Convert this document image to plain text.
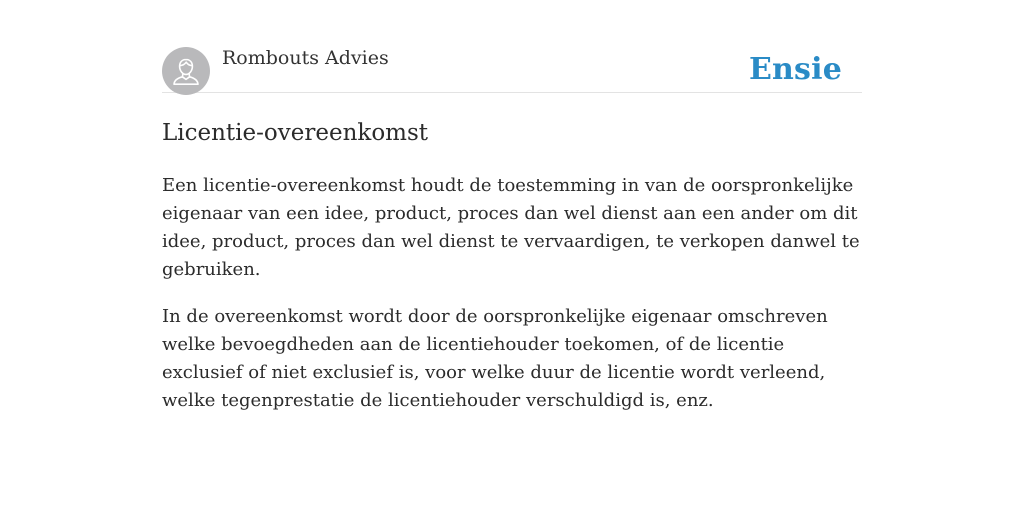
Rombouts Advies	Ensie
Licentie-overeenkomst

Een licentie-overeenkomst houdt de toestemming in van de oorspronkelijke eigenaar van een idee, product, proces dan wel dienst aan een ander om dit idee, product, proces dan wel dienst te vervaardigen, te verkopen danwel te gebruiken.

In de overeenkomst wordt door de oorspronkelijke eigenaar omschreven welke bevoegdheden aan de licentiehouder toekomen, of de licentie exclusief of niet exclusief is, voor welke duur de licentie wordt verleend, welke tegenprestatie de licentiehouder verschuldigd is, enz.
